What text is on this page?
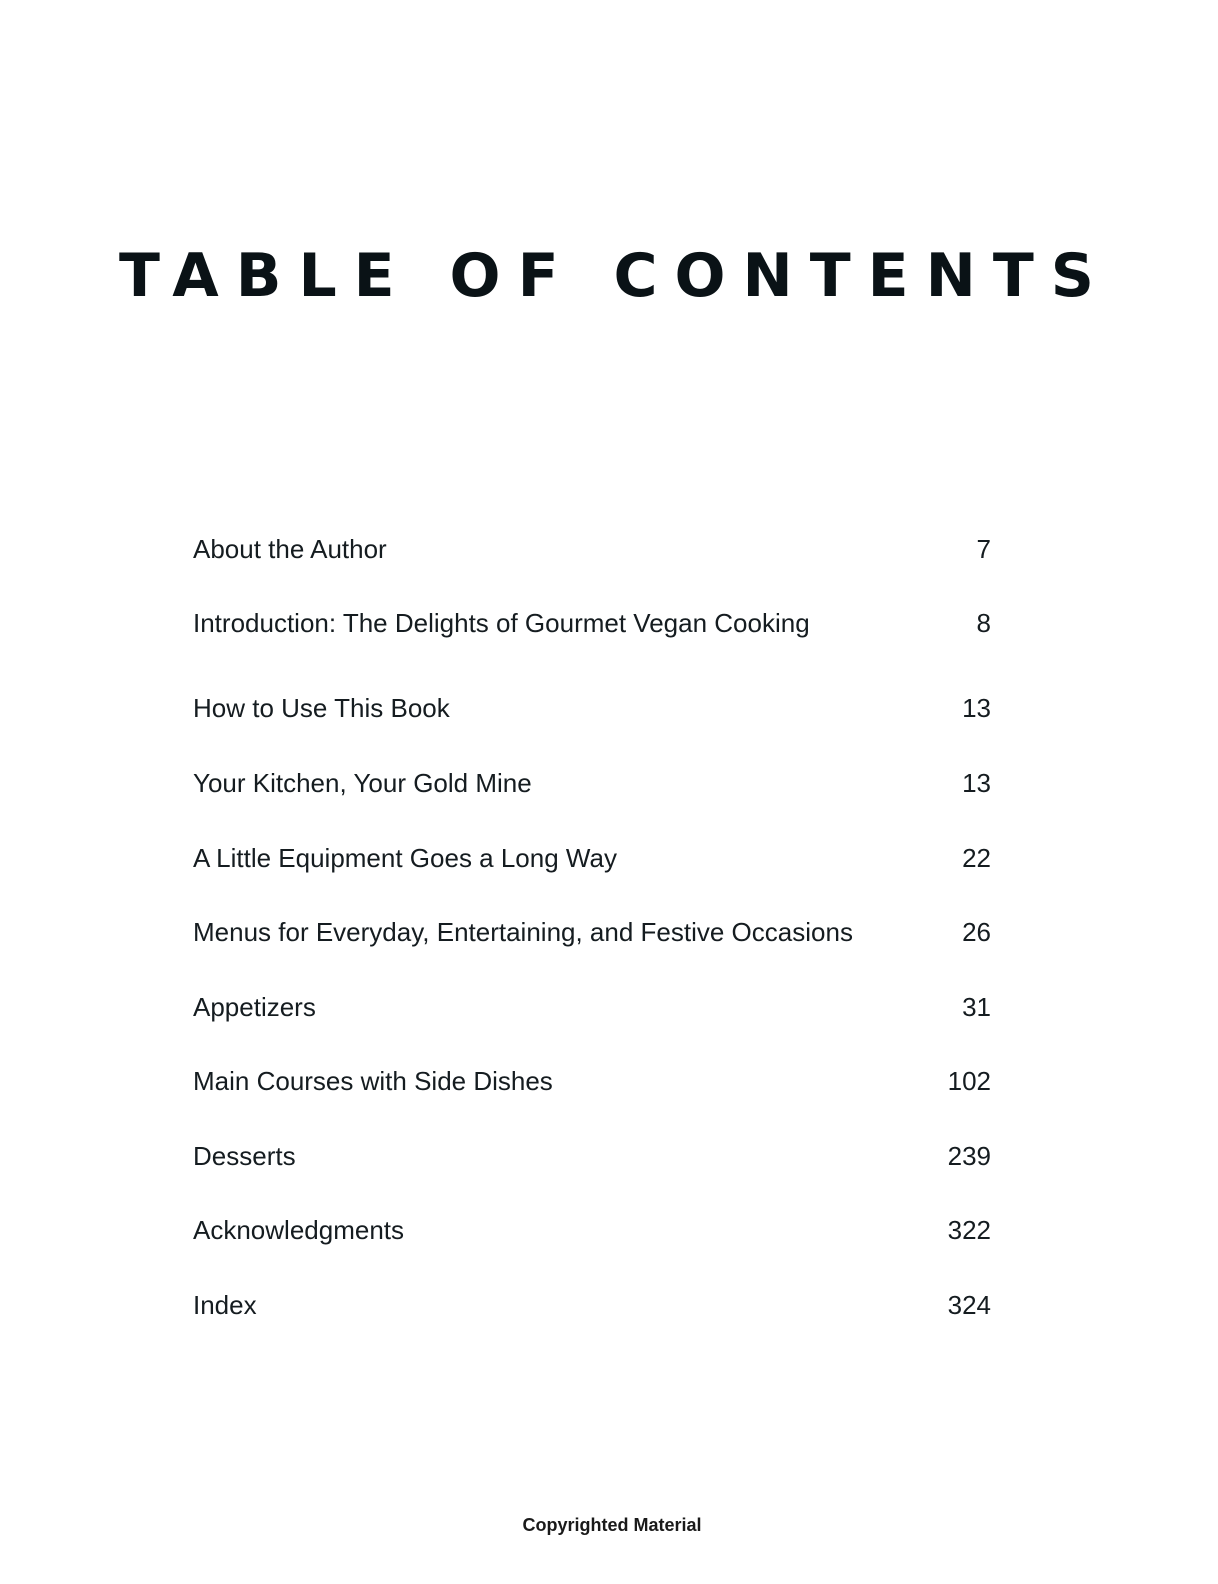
TABLE OF CONTENTS
About the Author	7
Introduction: The Delights of Gourmet Vegan Cooking	8
How to Use This Book	13
Your Kitchen, Your Gold Mine	13
A Little Equipment Goes a Long Way	22
Menus for Everyday, Entertaining, and Festive Occasions	26
Appetizers	31
Main Courses with Side Dishes	102
Desserts	239
Acknowledgments	322
Index	324
Copyrighted Material
